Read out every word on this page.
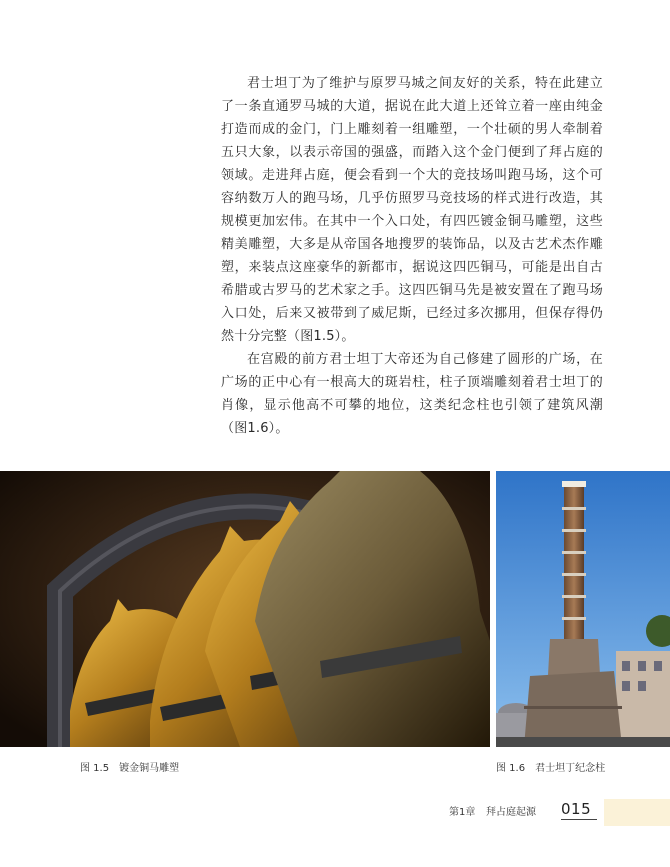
君士坦丁为了维护与原罗马城之间友好的关系，特在此建立了一条直通罗马城的大道，据说在此大道上还耸立着一座由纯金打造而成的金门，门上雕刻着一组雕塑，一个壮硕的男人牵制着五只大象，以表示帝国的强盛，而踏入这个金门便到了拜占庭的领域。走进拜占庭，便会看到一个大的竞技场叫跑马场，这个可容纳数万人的跑马场，几乎仿照罗马竞技场的样式进行改造，其规模更加宏伟。在其中一个入口处，有四匹镀金铜马雕塑，这些精美雕塑，大多是从帝国各地搜罗的装饰品，以及古艺术杰作雕塑，来装点这座豪华的新都市，据说这四匹铜马，可能是出自古希腊或古罗马的艺术家之手。这四匹铜马先是被安置在了跑马场入口处，后来又被带到了威尼斯，已经过多次挪用，但保存得仍然十分完整（图1.5）。

在宫殿的前方君士坦丁大帝还为自己修建了圆形的广场，在广场的正中心有一根高大的斑岩柱，柱子顶端雕刻着君士坦丁的肖像，显示他高不可攀的地位，这类纪念柱也引领了建筑风潮（图1.6）。

图 1.5 镀金铜马雕塑	图 1.6 君士坦丁纪念柱
第1章 拜占庭起源 015
